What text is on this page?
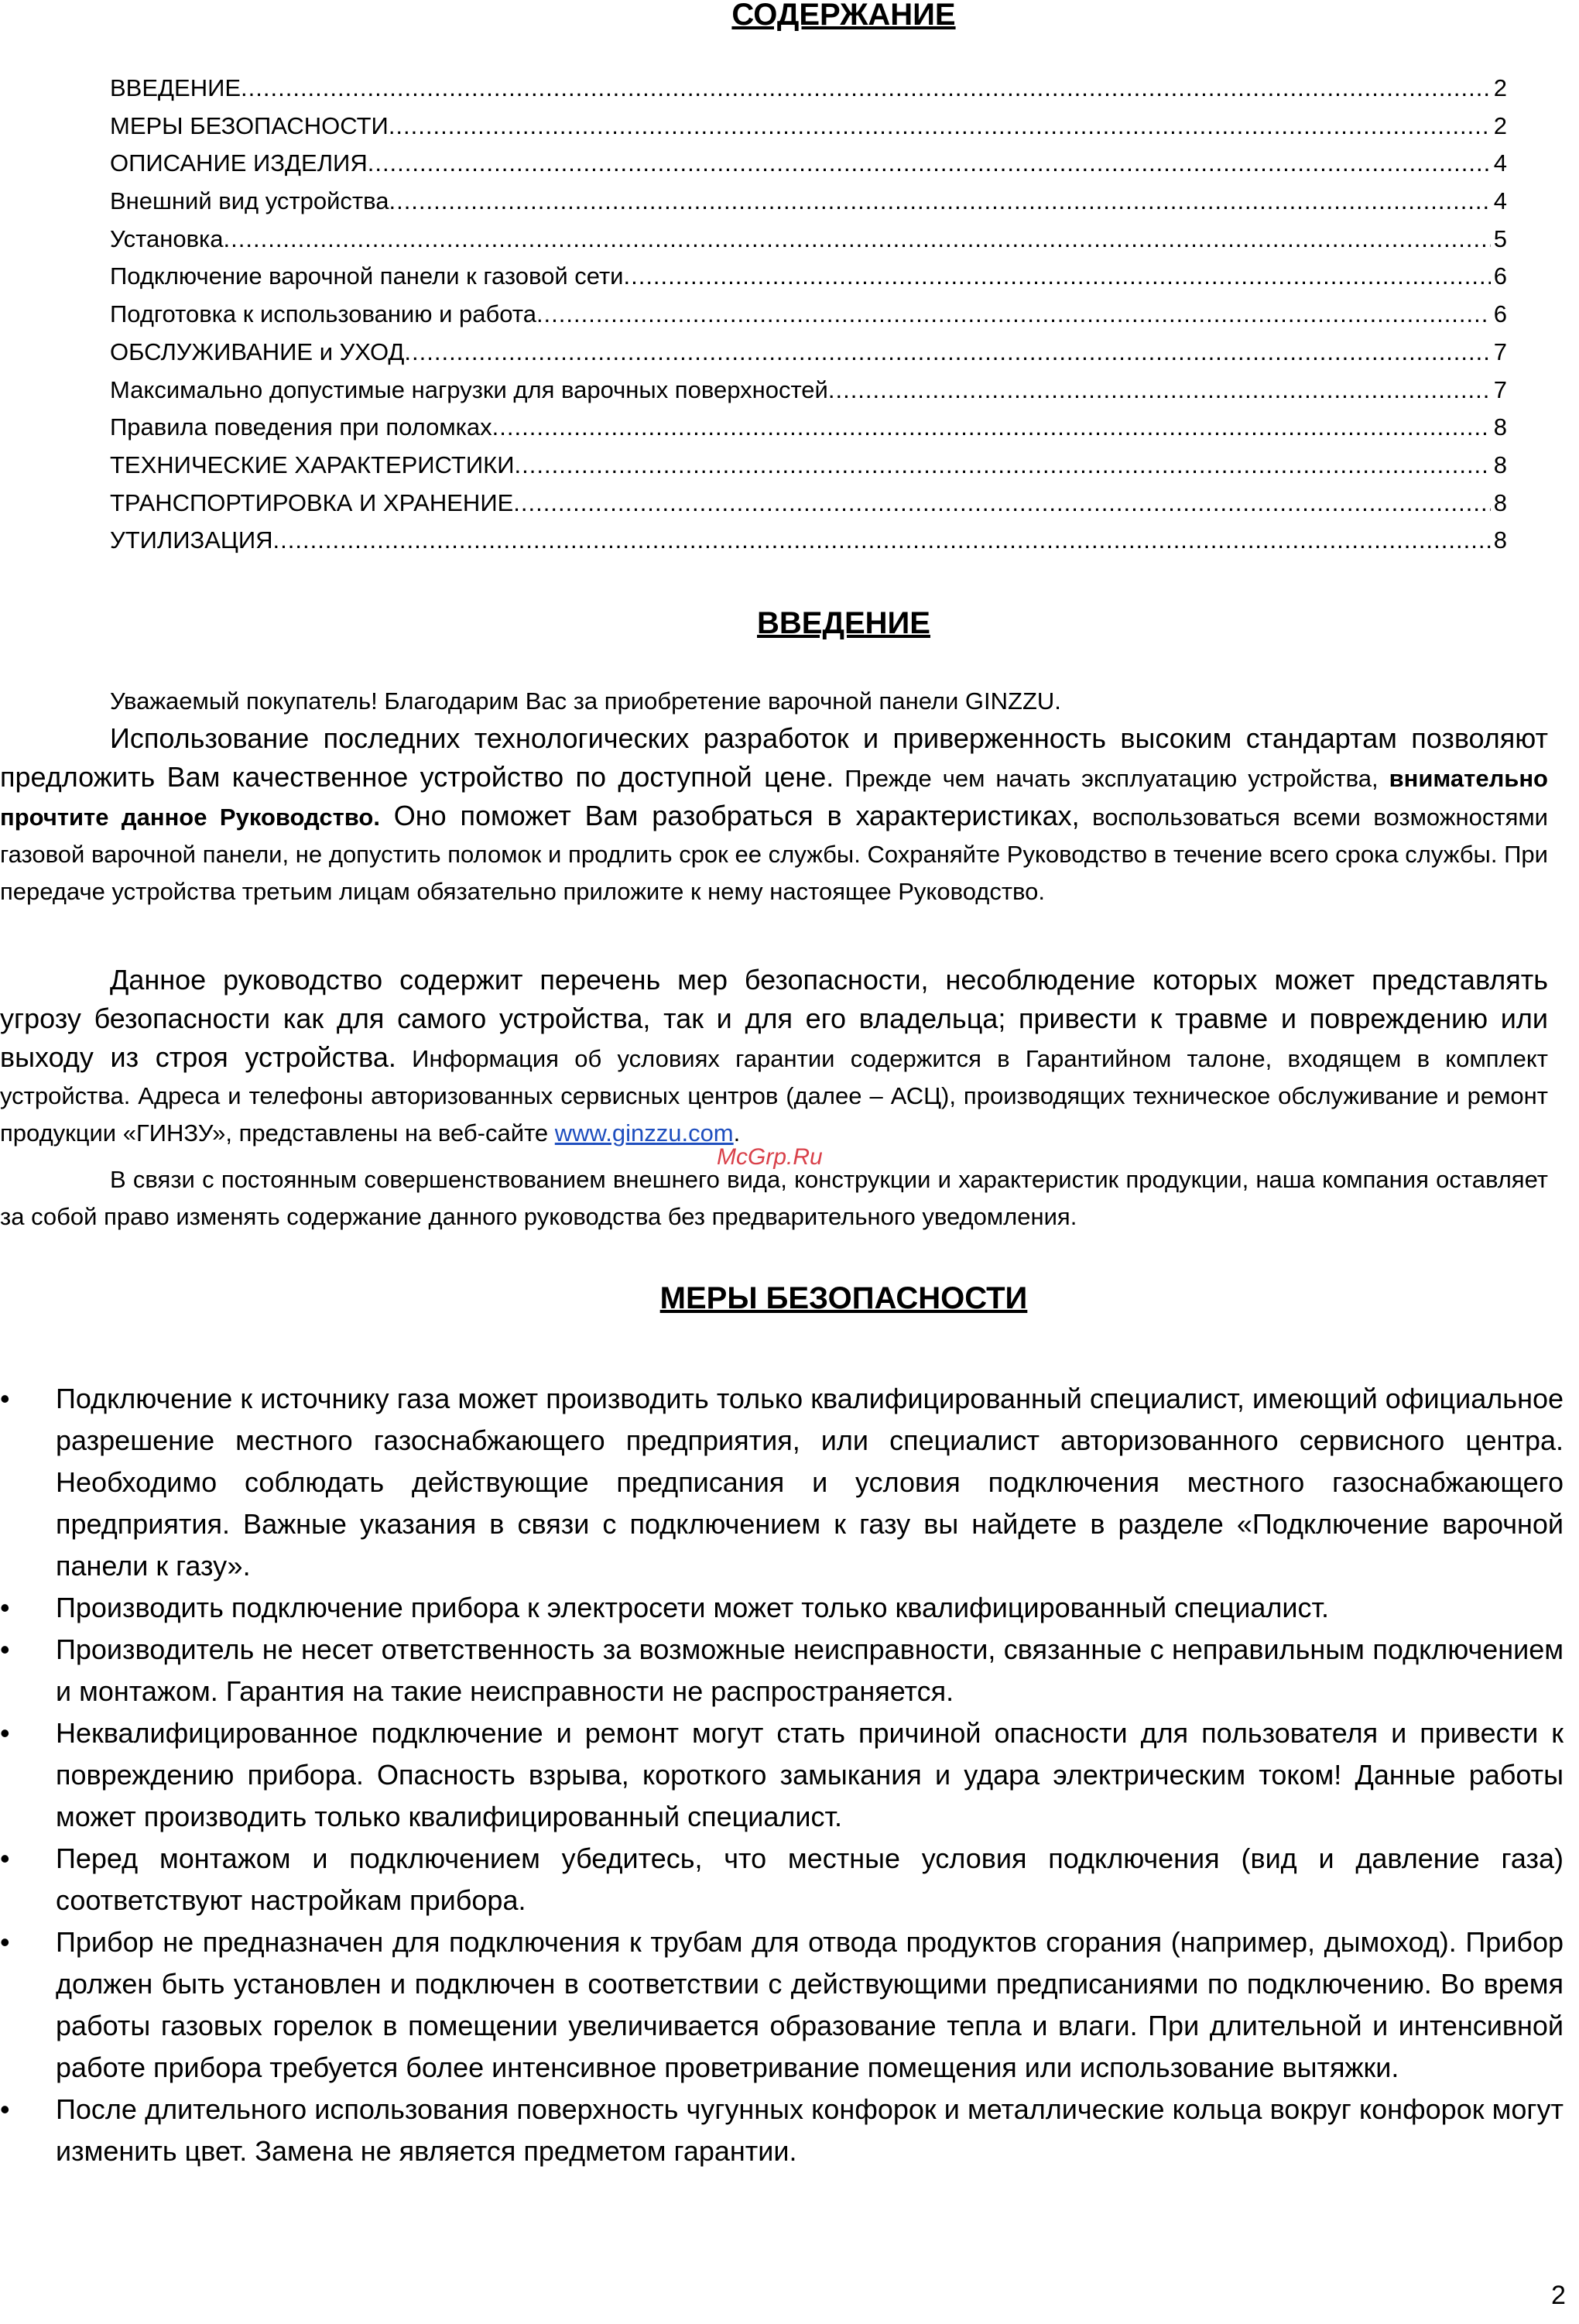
СОДЕРЖАНИЕ
ВВЕДЕНИЕ .....	2
МЕРЫ БЕЗОПАСНОСТИ .....	2
ОПИСАНИЕ ИЗДЕЛИЯ .....	4
Внешний вид устройства .....	4
Установка .....	5
Подключение варочной панели к газовой сети .....	6
Подготовка к использованию и работа .....	6
ОБСЛУЖИВАНИЕ и УХОД .....	7
Максимально допустимые нагрузки для варочных поверхностей .....	7
Правила поведения при поломках .....	8
ТЕХНИЧЕСКИЕ ХАРАКТЕРИСТИКИ .....	8
ТРАНСПОРТИРОВКА И ХРАНЕНИЕ .....	8
УТИЛИЗАЦИЯ .....	8
ВВЕДЕНИЕ

Уважаемый покупатель! Благодарим Вас за приобретение варочной панели GINZZU.

Использование последних технологических разработок и приверженность высоким стандартам позволяют предложить Вам качественное устройство по доступной цене. Прежде чем начать эксплуатацию устройства, внимательно прочтите данное Руководство. Оно поможет Вам разобраться в характеристиках, воспользоваться всеми возможностями газовой варочной панели, не допустить поломок и продлить срок ее службы. Сохраняйте Руководство в течение всего срока службы. При передаче устройства третьим лицам обязательно приложите к нему настоящее Руководство.

Данное руководство содержит перечень мер безопасности, несоблюдение которых может представлять угрозу безопасности как для самого устройства, так и для его владельца; привести к травме и повреждению или выходу из строя устройства. Информация об условиях гарантии содержится в Гарантийном талоне, входящем в комплект устройства. Адреса и телефоны авторизованных сервисных центров (далее – АСЦ), производящих техническое обслуживание и ремонт продукции «ГИНЗУ», представлены на веб-сайте www.ginzzu.com.

В связи с постоянным совершенствованием внешнего вида, конструкции и характеристик продукции, наша компания оставляет за собой право изменять содержание данного руководства без предварительного уведомления.

McGrp.Ru
МЕРЫ БЕЗОПАСНОСТИ
•	Подключение к источнику газа может производить только квалифицированный специалист, имеющий официальное разрешение местного газоснабжающего предприятия, или специалист авторизованного сервисного центра. Необходимо соблюдать действующие предписания и условия подключения местного газоснабжающего предприятия. Важные указания в связи с подключением к газу вы найдете в разделе «Подключение варочной панели к газу».
•	Производить подключение прибора к электросети может только квалифицированный специалист.
•	Производитель не несет ответственность за возможные неисправности, связанные с неправильным подключением и монтажом. Гарантия на такие неисправности не распространяется.
•	Неквалифицированное подключение и ремонт могут стать причиной опасности для пользователя и привести к повреждению прибора. Опасность взрыва, короткого замыкания и удара электрическим током! Данные работы может производить только квалифицированный специалист.
•	Перед монтажом и подключением убедитесь, что местные условия подключения (вид и давление газа) соответствуют настройкам прибора.
•	Прибор не предназначен для подключения к трубам для отвода продуктов сгорания (например, дымоход). Прибор должен быть установлен и подключен в соответствии с действующими предписаниями по подключению. Во время работы газовых горелок в помещении увеличивается образование тепла и влаги. При длительной и интенсивной работе прибора требуется более интенсивное проветривание помещения или использование вытяжки.
•	После длительного использования поверхность чугунных конфорок и металлические кольца вокруг конфорок могут изменить цвет. Замена не является предметом гарантии.
2
